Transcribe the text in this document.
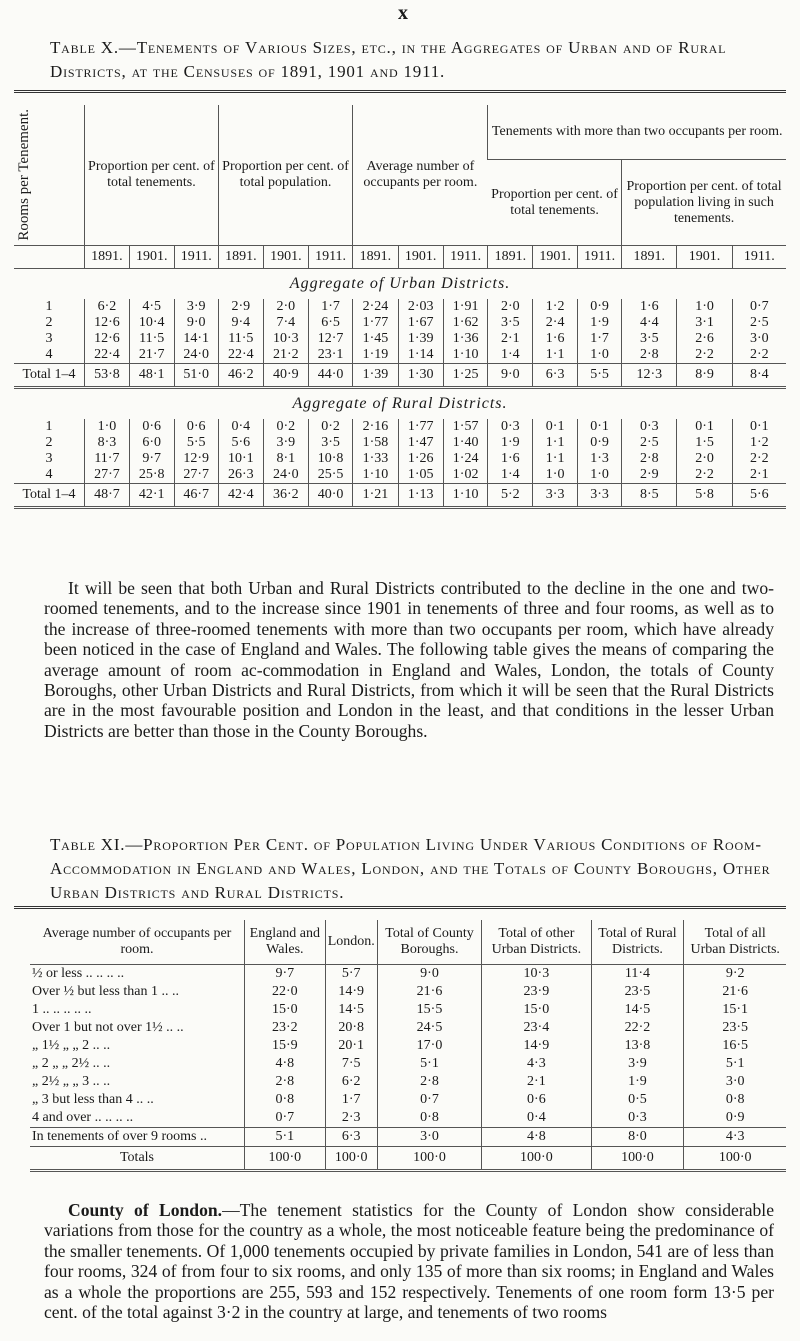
x
Table X.—Tenements of Various Sizes, etc., in the Aggregates of Urban and of Rural Districts, at the Censuses of 1891, 1901 and 1911.
Rooms per Tenement.	Proportion per cent. of total tenements.			Proportion per cent. of total population.			Average number of occupants per room.			Tenements with more than two occupants per room.					
										Proportion per cent. of total tenements.			Proportion per cent. of total population living in such tenements.		
	1891.	1901.	1911.	1891.	1901.	1911.	1891.	1901.	1911.	1891.	1901.	1911.	1891.	1901.	1911.
Aggregate of Urban Districts.															
1	6·2	4·5	3·9	2·9	2·0	1·7	2·24	2·03	1·91	2·0	1·2	0·9	1·6	1·0	0·7
2	12·6	10·4	9·0	9·4	7·4	6·5	1·77	1·67	1·62	3·5	2·4	1·9	4·4	3·1	2·5
3	12·6	11·5	14·1	11·5	10·3	12·7	1·45	1·39	1·36	2·1	1·6	1·7	3·5	2·6	3·0
4	22·4	21·7	24·0	22·4	21·2	23·1	1·19	1·14	1·10	1·4	1·1	1·0	2·8	2·2	2·2
Total 1–4	53·8	48·1	51·0	46·2	40·9	44·0	1·39	1·30	1·25	9·0	6·3	5·5	12·3	8·9	8·4
Aggregate of Rural Districts.															
1	1·0	0·6	0·6	0·4	0·2	0·2	2·16	1·77	1·57	0·3	0·1	0·1	0·3	0·1	0·1
2	8·3	6·0	5·5	5·6	3·9	3·5	1·58	1·47	1·40	1·9	1·1	0·9	2·5	1·5	1·2
3	11·7	9·7	12·9	10·1	8·1	10·8	1·33	1·26	1·24	1·6	1·1	1·3	2·8	2·0	2·2
4	27·7	25·8	27·7	26·3	24·0	25·5	1·10	1·05	1·02	1·4	1·0	1·0	2·9	2·2	2·1
Total 1–4	48·7	42·1	46·7	42·4	36·2	40·0	1·21	1·13	1·10	5·2	3·3	3·3	8·5	5·8	5·6

It will be seen that both Urban and Rural Districts contributed to the decline in the one and two-roomed tenements, and to the increase since 1901 in tenements of three and four rooms, as well as to the increase of three-roomed tenements with more than two occupants per room, which have already been noticed in the case of England and Wales. The following table gives the means of comparing the average amount of room ac-commodation in England and Wales, London, the totals of County Boroughs, other Urban Districts and Rural Districts, from which it will be seen that the Rural Districts are in the most favourable position and London in the least, and that conditions in the lesser Urban Districts are better than those in the County Boroughs.

Table XI.—Proportion Per Cent. of Population Living Under Various Conditions of Room-Accommodation in England and Wales, London, and the Totals of County Boroughs, Other Urban Districts and Rural Districts.
Average number of occupants per room.	England and Wales.	London.	Total of County Boroughs.	Total of other Urban Districts.	Total of Rural Districts.	Total of all Urban Districts.
½ or less .. .. .. ..	9·7	5·7	9·0	10·3	11·4	9·2
Over ½ but less than 1 .. ..	22·0	14·9	21·6	23·9	23·5	21·6
1 .. .. .. .. ..	15·0	14·5	15·5	15·0	14·5	15·1
Over 1 but not over 1½ .. ..	23·2	20·8	24·5	23·4	22·2	23·5
„ 1½ „ „ 2 .. ..	15·9	20·1	17·0	14·9	13·8	16·5
„ 2 „ „ 2½ .. ..	4·8	7·5	5·1	4·3	3·9	5·1
„ 2½ „ „ 3 .. ..	2·8	6·2	2·8	2·1	1·9	3·0
„ 3 but less than 4 .. ..	0·8	1·7	0·7	0·6	0·5	0·8
4 and over .. .. .. ..	0·7	2·3	0·8	0·4	0·3	0·9
In tenements of over 9 rooms ..	5·1	6·3	3·0	4·8	8·0	4·3
Totals	100·0	100·0	100·0	100·0	100·0	100·0

County of London.—The tenement statistics for the County of London show considerable variations from those for the country as a whole, the most noticeable feature being the predominance of the smaller tenements. Of 1,000 tenements occupied by private families in London, 541 are of less than four rooms, 324 of from four to six rooms, and only 135 of more than six rooms; in England and Wales as a whole the proportions are 255, 593 and 152 respectively. Tenements of one room form 13·5 per cent. of the total against 3·2 in the country at large, and tenements of two rooms
